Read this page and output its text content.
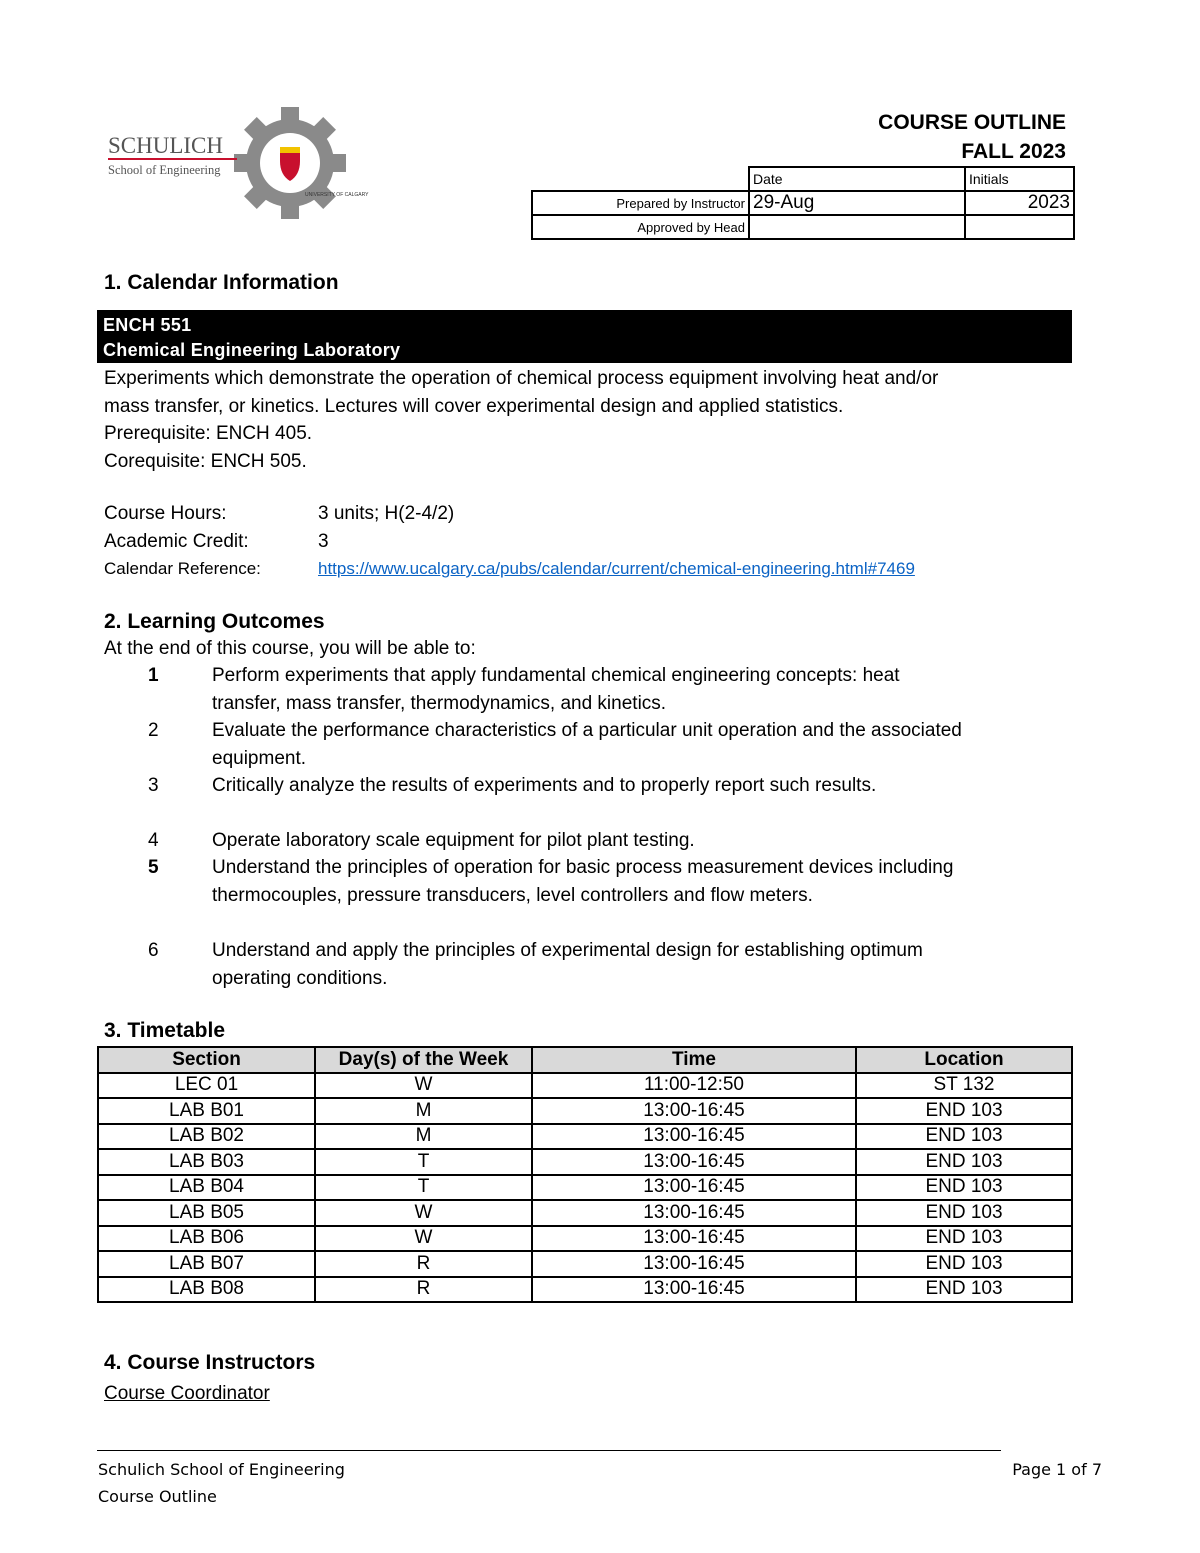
SCHULICH
School of Engineering
UNIVERSITY OF CALGARY
COURSE OUTLINE
FALL 2023
	Date	Initials
Prepared by Instructor	29-Aug	2023
Approved by Head		
1. Calendar Information
ENCH 551
Chemical Engineering Laboratory
Experiments which demonstrate the operation of chemical process equipment involving heat and/or
mass transfer, or kinetics. Lectures will cover experimental design and applied statistics.
Prerequisite: ENCH 405.
Corequisite: ENCH 505.
Course Hours:	3 units; H(2-4/2)
Academic Credit:	3
Calendar Reference:	https://www.ucalgary.ca/pubs/calendar/current/chemical-engineering.html#7469
2. Learning Outcomes
At the end of this course, you will be able to:
1	Perform experiments that apply fundamental chemical engineering concepts: heat
transfer, mass transfer, thermodynamics, and kinetics.
2	Evaluate the performance characteristics of a particular unit operation and the associated
equipment.
3	Critically analyze the results of experiments and to properly report such results.
4	Operate laboratory scale equipment for pilot plant testing.
5	Understand the principles of operation for basic process measurement devices including
thermocouples, pressure transducers, level controllers and flow meters.
6	Understand and apply the principles of experimental design for establishing optimum
operating conditions.
3. Timetable
Section	Day(s) of the Week	Time	Location
LEC 01	W	11:00-12:50	ST 132
LAB B01	M	13:00-16:45	END 103
LAB B02	M	13:00-16:45	END 103
LAB B03	T	13:00-16:45	END 103
LAB B04	T	13:00-16:45	END 103
LAB B05	W	13:00-16:45	END 103
LAB B06	W	13:00-16:45	END 103
LAB B07	R	13:00-16:45	END 103
LAB B08	R	13:00-16:45	END 103
4. Course Instructors
Course Coordinator
Schulich School of Engineering
Course Outline
Page 1 of 7
